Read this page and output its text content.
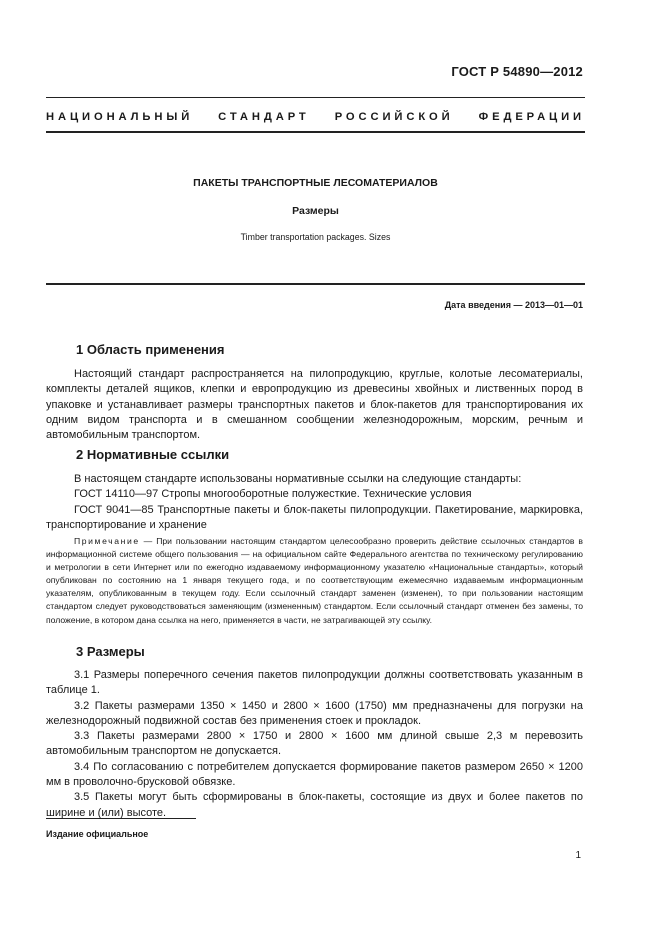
ГОСТ Р 54890—2012
НАЦИОНАЛЬНЫЙ СТАНДАРТ РОССИЙСКОЙ ФЕДЕРАЦИИ
ПАКЕТЫ ТРАНСПОРТНЫЕ ЛЕСОМАТЕРИАЛОВ
Размеры
Timber transportation packages. Sizes
Дата введения — 2013—01—01
1 Область применения

Настоящий стандарт распространяется на пилопродукцию, круглые, колотые лесоматериалы, комплекты деталей ящиков, клепки и европродукцию из древесины хвойных и лиственных пород в упаковке и устанавливает размеры транспортных пакетов и блок-пакетов для транспортирования их одним видом транспорта и в смешанном сообщении железнодорожным, морским, речным и автомобильным транспортом.

2 Нормативные ссылки

В настоящем стандарте использованы нормативные ссылки на следующие стандарты:

ГОСТ 14110—97 Стропы многооборотные полужесткие. Технические условия

ГОСТ 9041—85 Транспортные пакеты и блок-пакеты пилопродукции. Пакетирование, маркировка, транспортирование и хранение

Примечание — При пользовании настоящим стандартом целесообразно проверить действие ссылочных стандартов в информационной системе общего пользования — на официальном сайте Федерального агентства по техническому регулированию и метрологии в сети Интернет или по ежегодно издаваемому информационному указателю «Национальные стандарты», который опубликован по состоянию на 1 января текущего года, и по соответствующим ежемесячно издаваемым информационным указателям, опубликованным в текущем году. Если ссылочный стандарт заменен (изменен), то при пользовании настоящим стандартом следует руководствоваться заменяющим (измененным) стандартом. Если ссылочный стандарт отменен без замены, то положение, в котором дана ссылка на него, применяется в части, не затрагивающей эту ссылку.

3 Размеры

3.1 Размеры поперечного сечения пакетов пилопродукции должны соответствовать указанным в таблице 1.

3.2 Пакеты размерами 1350 × 1450 и 2800 × 1600 (1750) мм предназначены для погрузки на железнодорожный подвижной состав без применения стоек и прокладок.

3.3 Пакеты размерами 2800 × 1750 и 2800 × 1600 мм длиной свыше 2,3 м перевозить автомобильным транспортом не допускается.

3.4 По согласованию с потребителем допускается формирование пакетов размером 2650 × 1200 мм в проволочно-брусковой обвязке.

3.5 Пакеты могут быть сформированы в блок-пакеты, состоящие из двух и более пакетов по ширине и (или) высоте.

Издание официальное
1
